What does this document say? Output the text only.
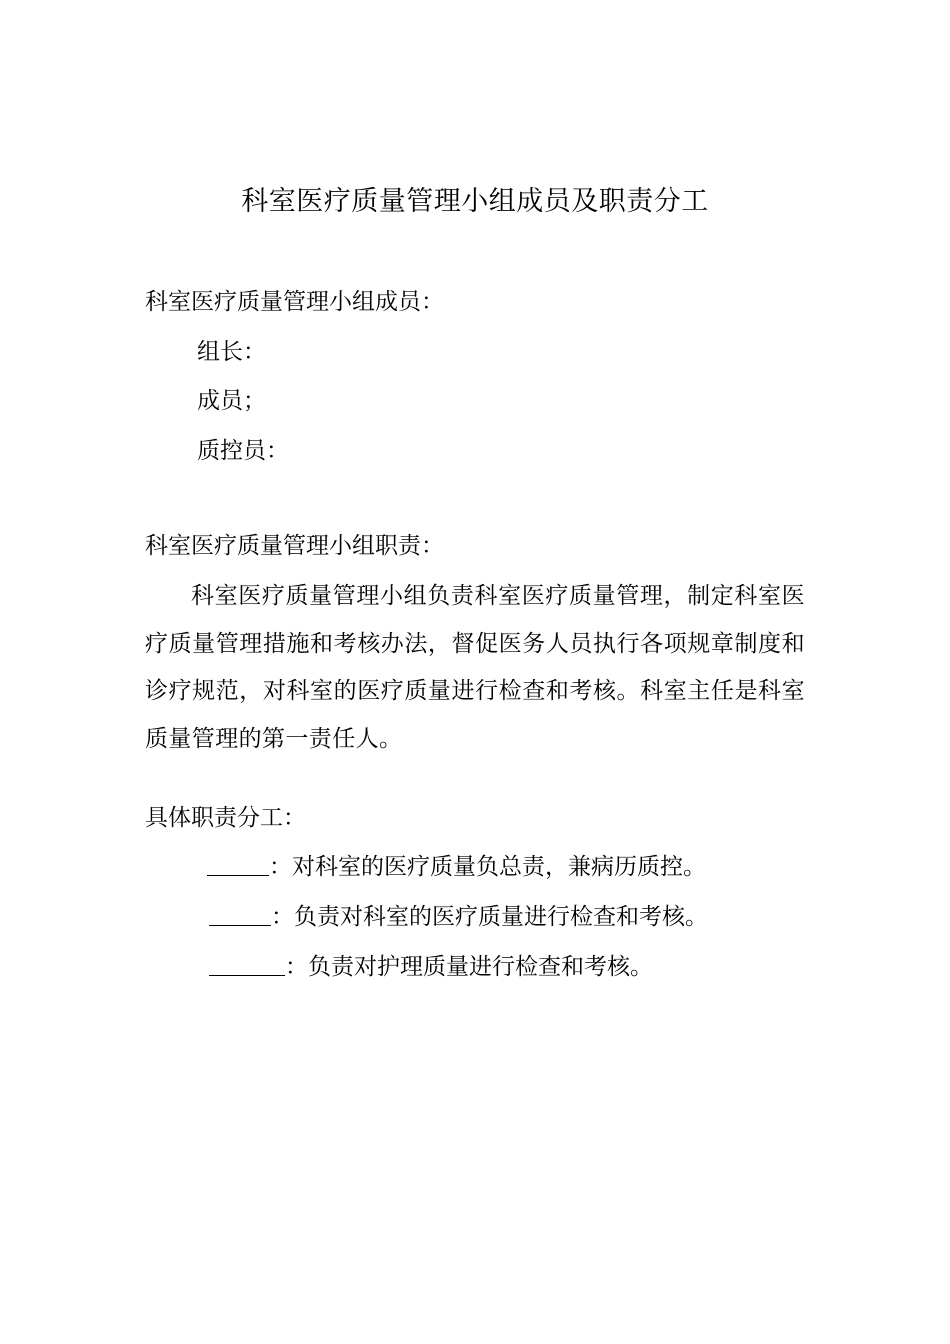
科室医疗质量管理小组成员及职责分工
科室医疗质量管理小组成员：
组长：
成员；
质控员：
科室医疗质量管理小组职责：
科室医疗质量管理小组负责科室医疗质量管理，制定科室医疗质量管理措施和考核办法，督促医务人员执行各项规章制度和诊疗规范，对科室的医疗质量进行检查和考核。科室主任是科室质量管理的第一责任人。
具体职责分工：
：对科室的医疗质量负总责，兼病历质控。
：负责对科室的医疗质量进行检查和考核。
：负责对护理质量进行检查和考核。
